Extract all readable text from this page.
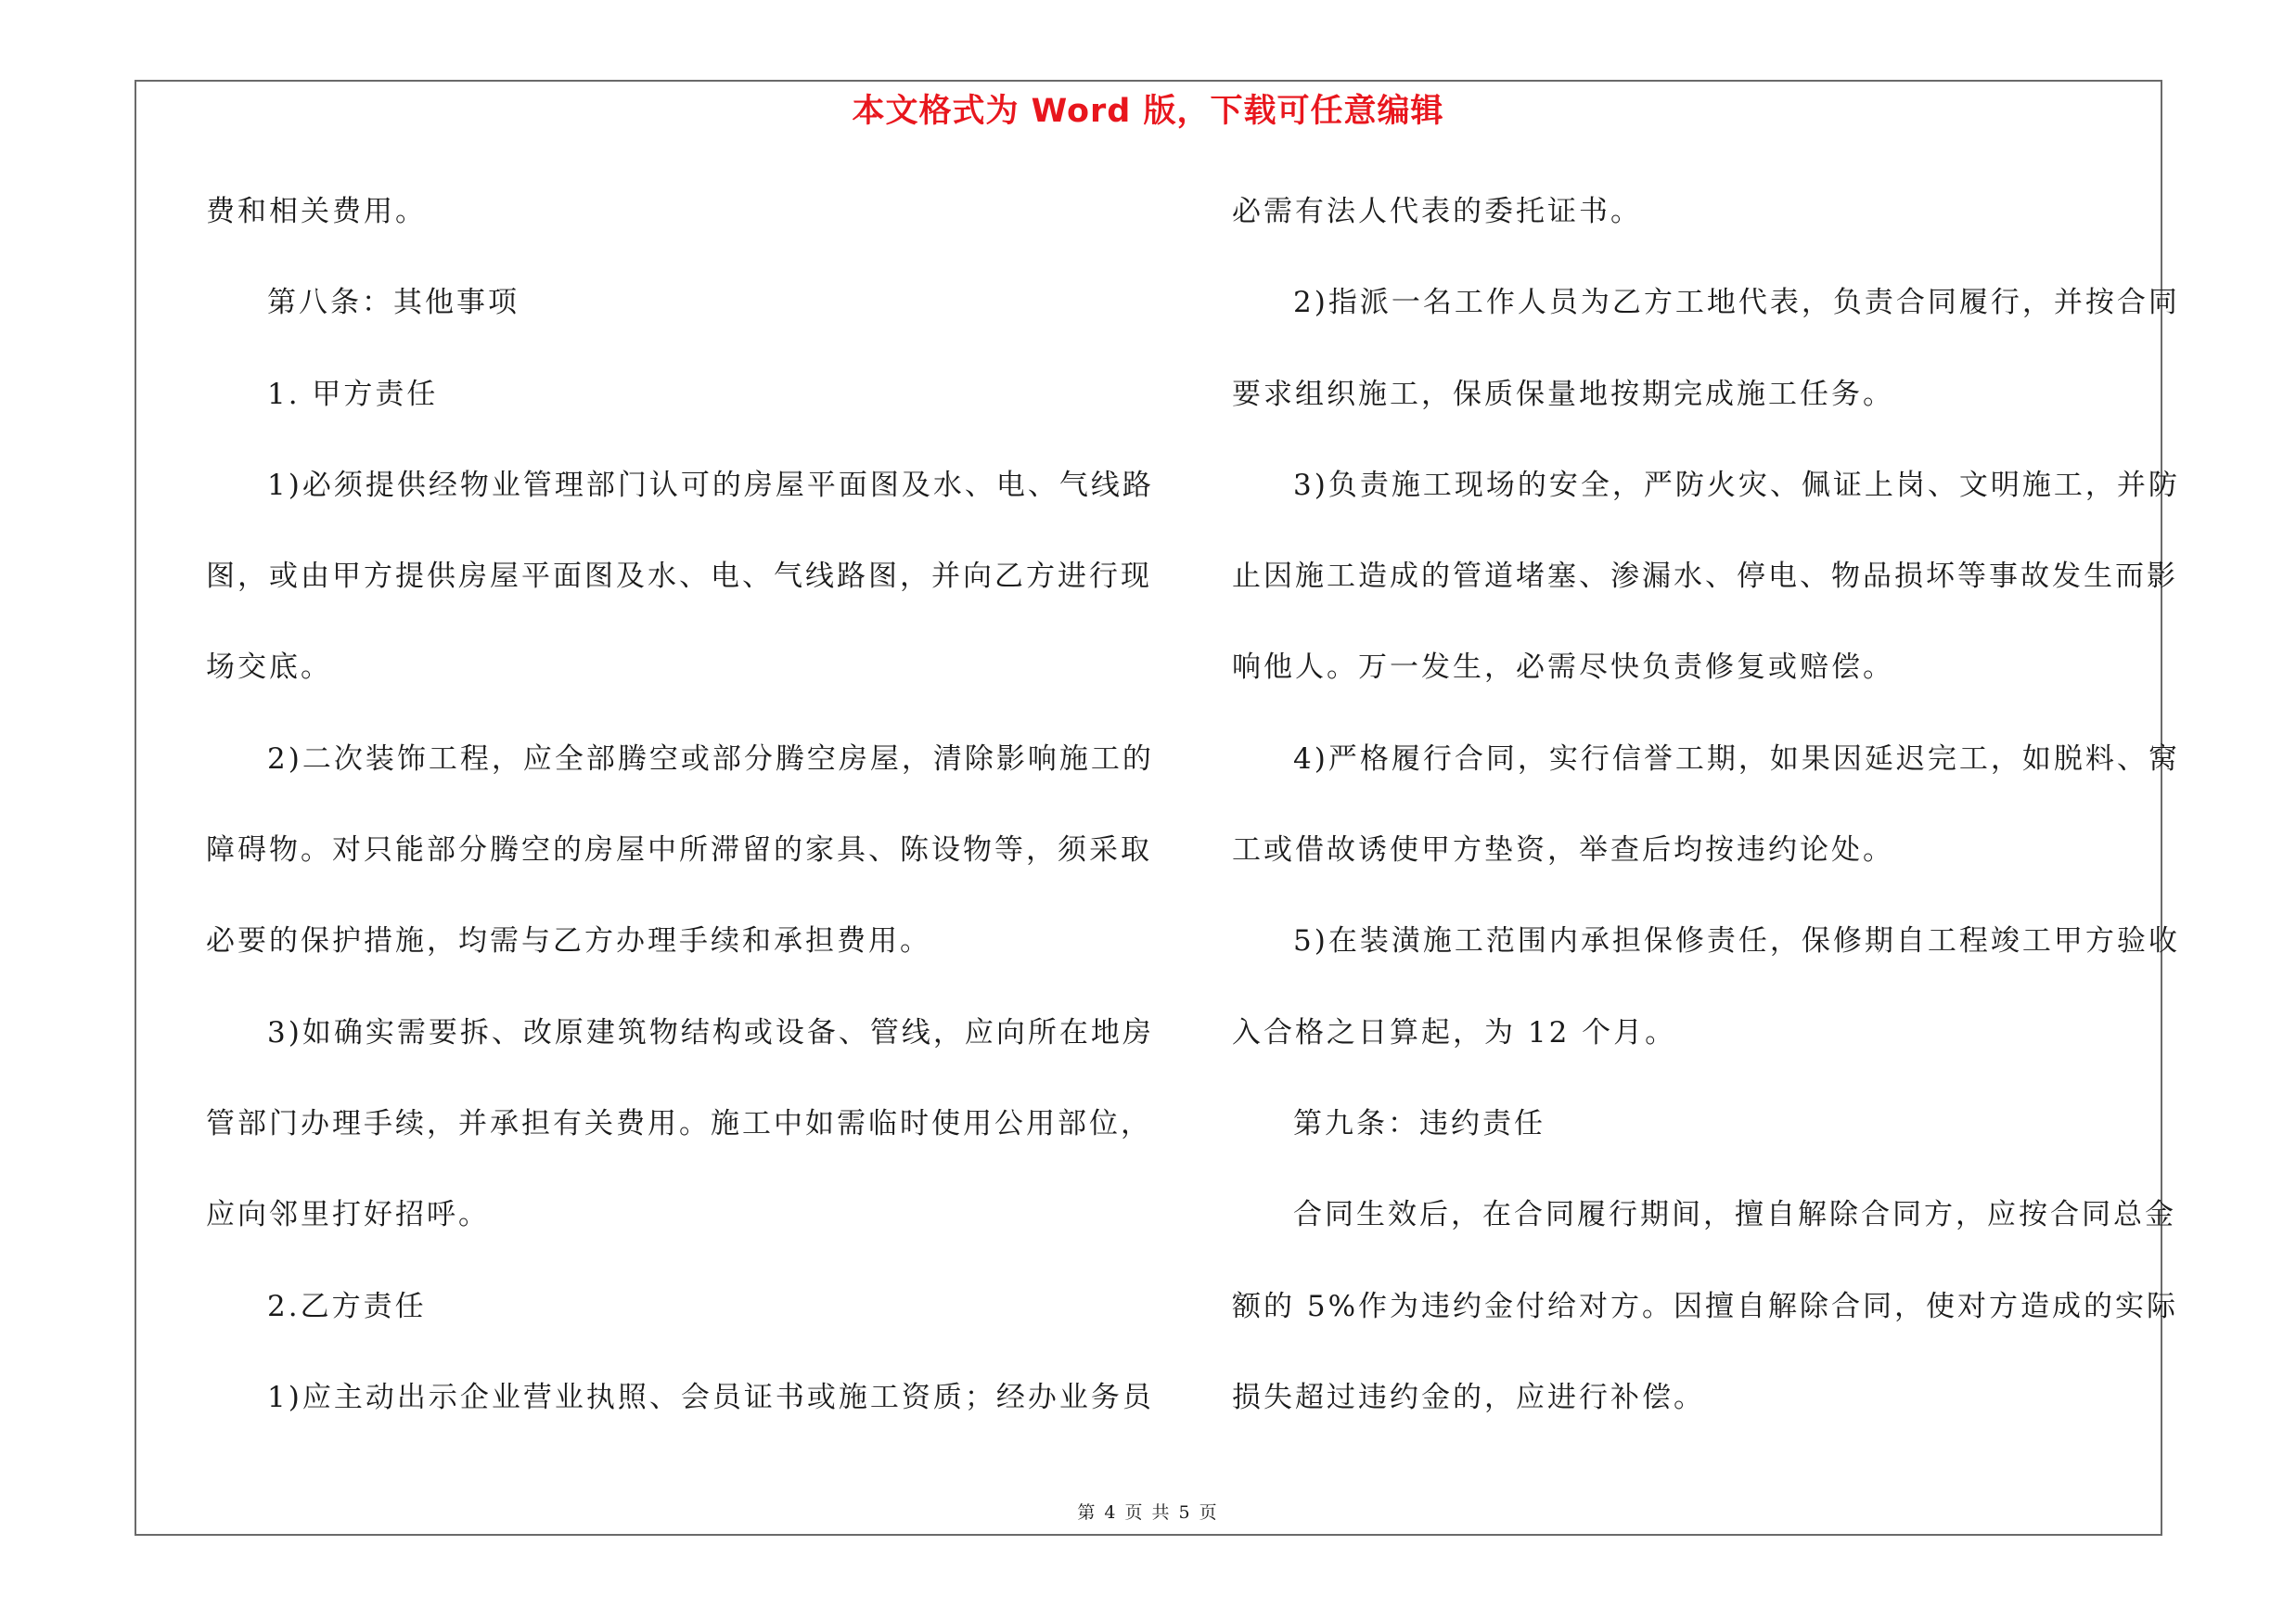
本文格式为 Word 版，下载可任意编辑
费和相关费用。
第八条：其他事项
1. 甲方责任
1)必须提供经物业管理部门认可的房屋平面图及水、电、气线路
图，或由甲方提供房屋平面图及水、电、气线路图，并向乙方进行现
场交底。
2)二次装饰工程，应全部腾空或部分腾空房屋，清除影响施工的
障碍物。对只能部分腾空的房屋中所滞留的家具、陈设物等，须采取
必要的保护措施，均需与乙方办理手续和承担费用。
3)如确实需要拆、改原建筑物结构或设备、管线，应向所在地房
管部门办理手续，并承担有关费用。施工中如需临时使用公用部位，
应向邻里打好招呼。
2.乙方责任
1)应主动出示企业营业执照、会员证书或施工资质；经办业务员
必需有法人代表的委托证书。
2)指派一名工作人员为乙方工地代表，负责合同履行，并按合同
要求组织施工，保质保量地按期完成施工任务。
3)负责施工现场的安全，严防火灾、佩证上岗、文明施工，并防
止因施工造成的管道堵塞、渗漏水、停电、物品损坏等事故发生而影
响他人。万一发生，必需尽快负责修复或赔偿。
4)严格履行合同，实行信誉工期，如果因延迟完工，如脱料、窝
工或借故诱使甲方垫资，举查后均按违约论处。
5)在装潢施工范围内承担保修责任，保修期自工程竣工甲方验收
入合格之日算起，为 12 个月。
第九条：违约责任
合同生效后，在合同履行期间，擅自解除合同方，应按合同总金
额的 5%作为违约金付给对方。因擅自解除合同，使对方造成的实际
损失超过违约金的，应进行补偿。
第 4 页 共 5 页
